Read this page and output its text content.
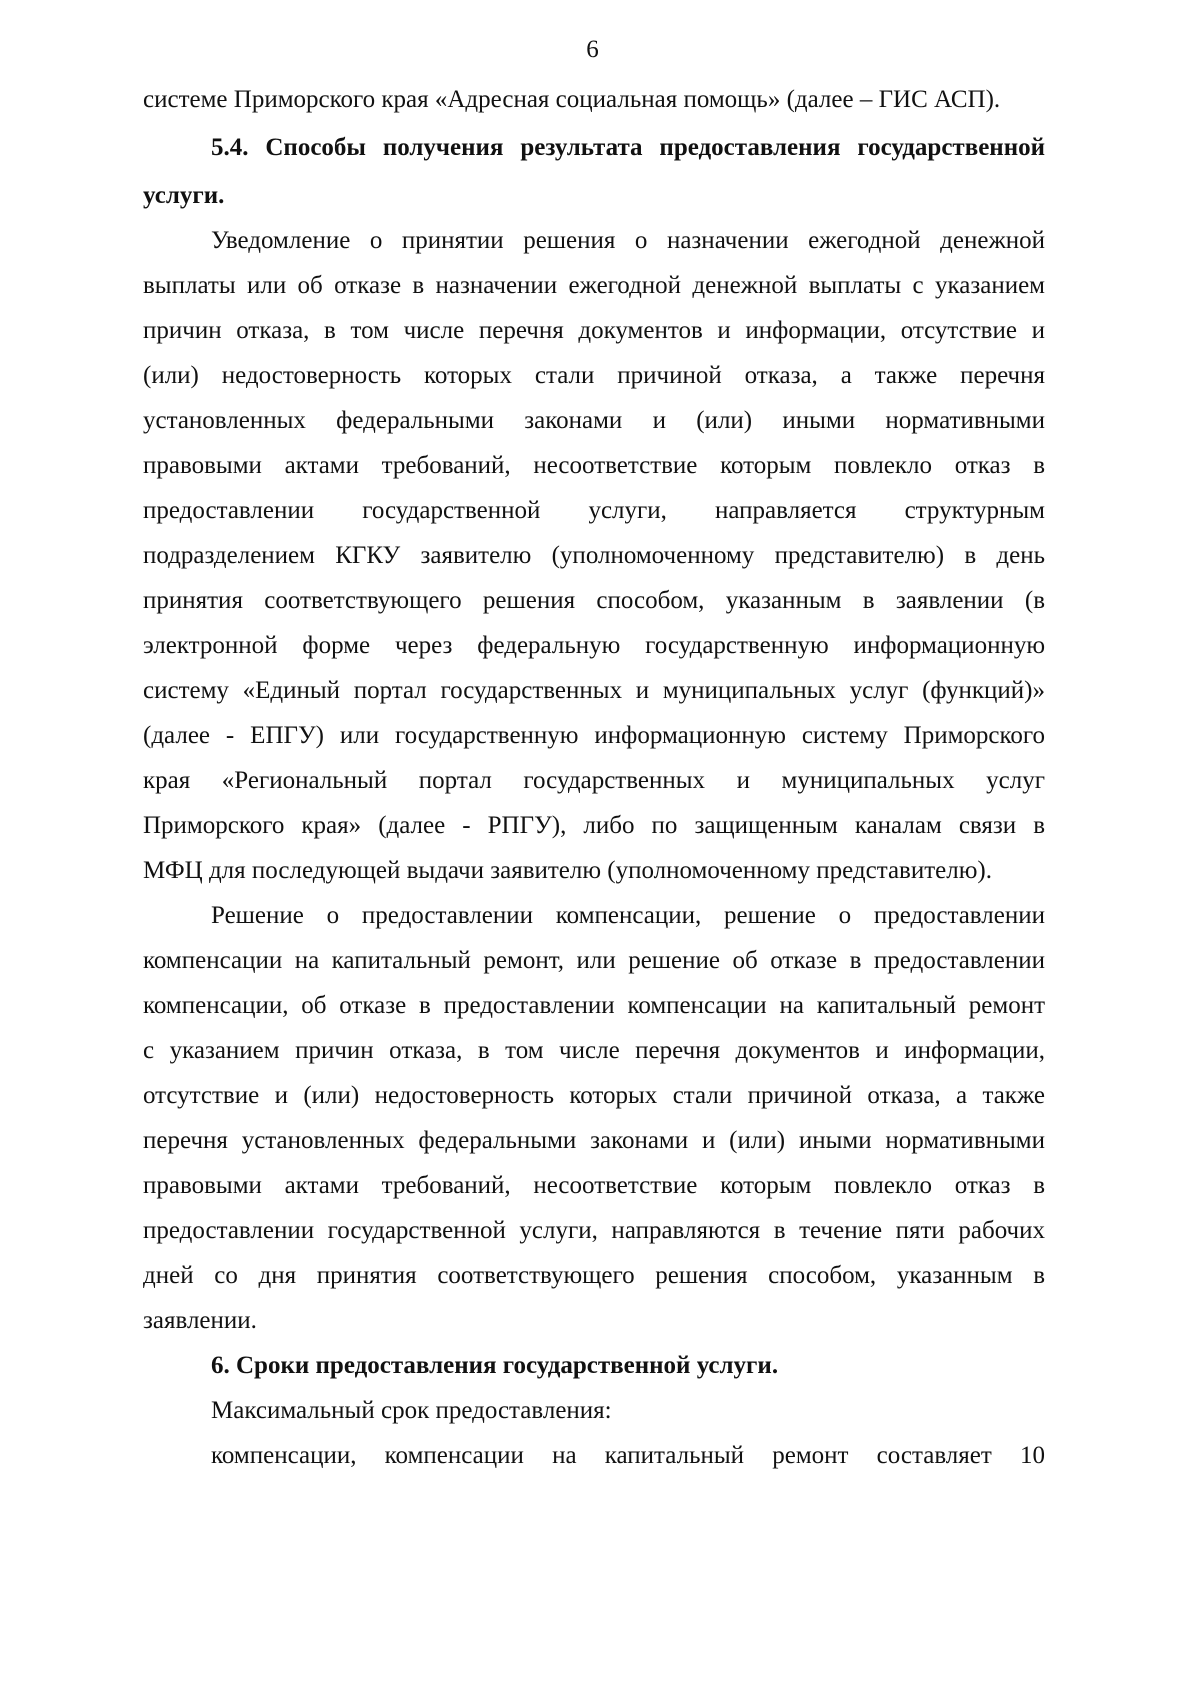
6
системе Приморского края «Адресная социальная помощь» (далее – ГИС АСП).
5.4. Способы получения результата предоставления государственной
услуги.
Уведомление о принятии решения о назначении ежегодной денежной
выплаты или об отказе в назначении ежегодной денежной выплаты с указанием
причин отказа, в том числе перечня документов и информации, отсутствие и
(или) недостоверность которых стали причиной отказа, а также перечня
установленных федеральными законами и (или) иными нормативными
правовыми актами требований, несоответствие которым повлекло отказ в
предоставлении государственной услуги, направляется структурным
подразделением КГКУ заявителю (уполномоченному представителю) в день
принятия соответствующего решения способом, указанным в заявлении (в
электронной форме через федеральную государственную информационную
систему «Единый портал государственных и муниципальных услуг (функций)»
(далее - ЕПГУ) или государственную информационную систему Приморского
края «Региональный портал государственных и муниципальных услуг
Приморского края» (далее - РПГУ), либо по защищенным каналам связи в
МФЦ для последующей выдачи заявителю (уполномоченному представителю).
Решение о предоставлении компенсации, решение о предоставлении
компенсации на капитальный ремонт, или решение об отказе в предоставлении
компенсации, об отказе в предоставлении компенсации на капитальный ремонт
с указанием причин отказа, в том числе перечня документов и информации,
отсутствие и (или) недостоверность которых стали причиной отказа, а также
перечня установленных федеральными законами и (или) иными нормативными
правовыми актами требований, несоответствие которым повлекло отказ в
предоставлении государственной услуги, направляются в течение пяти рабочих
дней со дня принятия соответствующего решения способом, указанным в
заявлении.
6. Сроки предоставления государственной услуги.
Максимальный срок предоставления:
компенсации, компенсации на капитальный ремонт составляет 10
